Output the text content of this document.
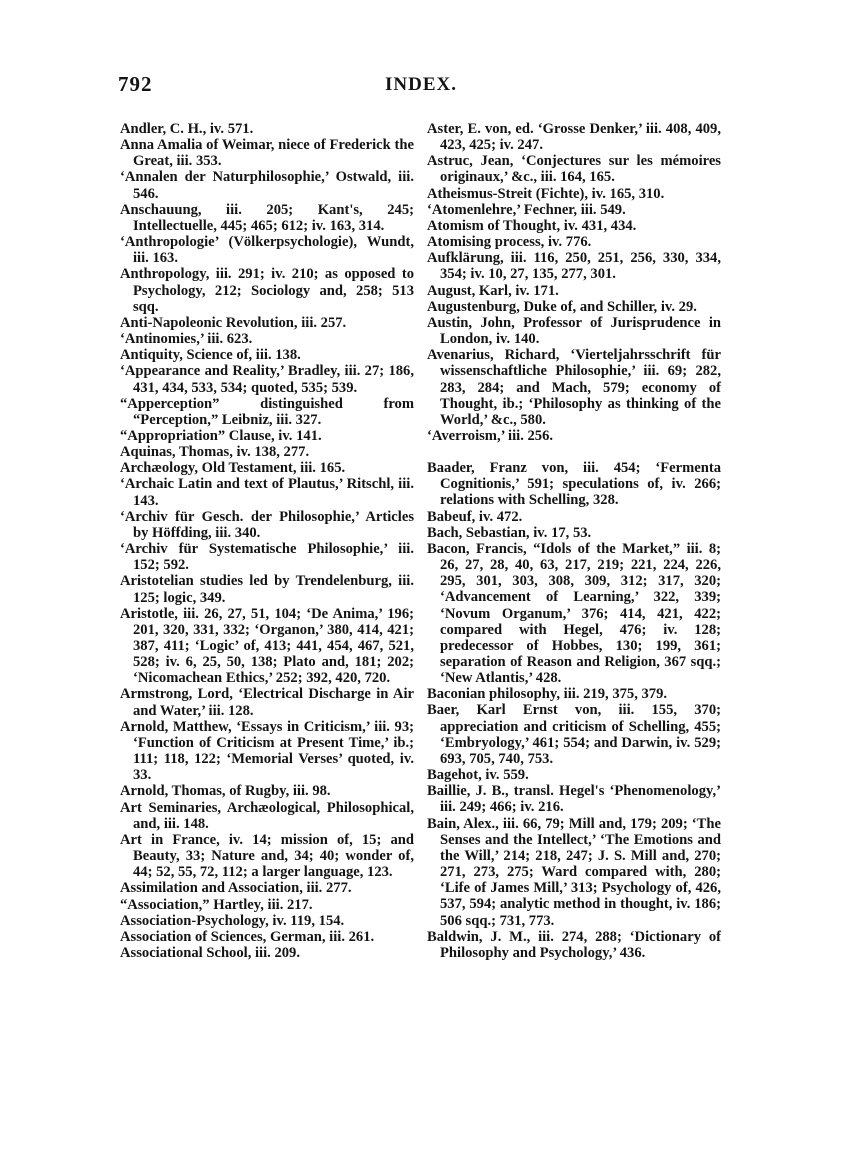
792	INDEX.

Andler, C. H., iv. 571.

Anna Amalia of Weimar, niece of Frederick the Great, iii. 353.

‘Annalen der Naturphilosophie,’ Ostwald, iii. 546.

Anschauung, iii. 205; Kant's, 245; Intellectuelle, 445; 465; 612; iv. 163, 314.

‘Anthropologie’ (Völkerpsychologie), Wundt, iii. 163.

Anthropology, iii. 291; iv. 210; as opposed to Psychology, 212; Sociology and, 258; 513 sqq.

Anti-Napoleonic Revolution, iii. 257.

‘Antinomies,’ iii. 623.

Antiquity, Science of, iii. 138.

‘Appearance and Reality,’ Bradley, iii. 27; 186, 431, 434, 533, 534; quoted, 535; 539.

“Apperception” distinguished from “Perception,” Leibniz, iii. 327.

“Appropriation” Clause, iv. 141.

Aquinas, Thomas, iv. 138, 277.

Archæology, Old Testament, iii. 165.

‘Archaic Latin and text of Plautus,’ Ritschl, iii. 143.

‘Archiv für Gesch. der Philosophie,’ Articles by Höffding, iii. 340.

‘Archiv für Systematische Philosophie,’ iii. 152; 592.

Aristotelian studies led by Trendelenburg, iii. 125; logic, 349.

Aristotle, iii. 26, 27, 51, 104; ‘De Anima,’ 196; 201, 320, 331, 332; ‘Organon,’ 380, 414, 421; 387, 411; ‘Logic’ of, 413; 441, 454, 467, 521, 528; iv. 6, 25, 50, 138; Plato and, 181; 202; ‘Nicomachean Ethics,’ 252; 392, 420, 720.

Armstrong, Lord, ‘Electrical Discharge in Air and Water,’ iii. 128.

Arnold, Matthew, ‘Essays in Criticism,’ iii. 93; ‘Function of Criticism at Present Time,’ ib.; 111; 118, 122; ‘Memorial Verses’ quoted, iv. 33.

Arnold, Thomas, of Rugby, iii. 98.

Art Seminaries, Archæological, Philosophical, and, iii. 148.

Art in France, iv. 14; mission of, 15; and Beauty, 33; Nature and, 34; 40; wonder of, 44; 52, 55, 72, 112; a larger language, 123.

Assimilation and Association, iii. 277.

“Association,” Hartley, iii. 217.

Association-Psychology, iv. 119, 154.

Association of Sciences, German, iii. 261.

Associational School, iii. 209.

Aster, E. von, ed. ‘Grosse Denker,’ iii. 408, 409, 423, 425; iv. 247.

Astruc, Jean, ‘Conjectures sur les mémoires originaux,’ &c., iii. 164, 165.

Atheismus-Streit (Fichte), iv. 165, 310.

‘Atomenlehre,’ Fechner, iii. 549.

Atomism of Thought, iv. 431, 434.

Atomising process, iv. 776.

Aufklärung, iii. 116, 250, 251, 256, 330, 334, 354; iv. 10, 27, 135, 277, 301.

August, Karl, iv. 171.

Augustenburg, Duke of, and Schiller, iv. 29.

Austin, John, Professor of Jurisprudence in London, iv. 140.

Avenarius, Richard, ‘Vierteljahrsschrift für wissenschaftliche Philosophie,’ iii. 69; 282, 283, 284; and Mach, 579; economy of Thought, ib.; ‘Philosophy as thinking of the World,’ &c., 580.

‘Averroism,’ iii. 256.

Baader, Franz von, iii. 454; ‘Fermenta Cognitionis,’ 591; speculations of, iv. 266; relations with Schelling, 328.

Babeuf, iv. 472.

Bach, Sebastian, iv. 17, 53.

Bacon, Francis, “Idols of the Market,” iii. 8; 26, 27, 28, 40, 63, 217, 219; 221, 224, 226, 295, 301, 303, 308, 309, 312; 317, 320; ‘Advancement of Learning,’ 322, 339; ‘Novum Organum,’ 376; 414, 421, 422; compared with Hegel, 476; iv. 128; predecessor of Hobbes, 130; 199, 361; separation of Reason and Religion, 367 sqq.; ‘New Atlantis,’ 428.

Baconian philosophy, iii. 219, 375, 379.

Baer, Karl Ernst von, iii. 155, 370; appreciation and criticism of Schelling, 455; ‘Embryology,’ 461; 554; and Darwin, iv. 529; 693, 705, 740, 753.

Bagehot, iv. 559.

Baillie, J. B., transl. Hegel's ‘Phenomenology,’ iii. 249; 466; iv. 216.

Bain, Alex., iii. 66, 79; Mill and, 179; 209; ‘The Senses and the Intellect,’ ‘The Emotions and the Will,’ 214; 218, 247; J. S. Mill and, 270; 271, 273, 275; Ward compared with, 280; ‘Life of James Mill,’ 313; Psychology of, 426, 537, 594; analytic method in thought, iv. 186; 506 sqq.; 731, 773.

Baldwin, J. M., iii. 274, 288; ‘Dictionary of Philosophy and Psychology,’ 436.
